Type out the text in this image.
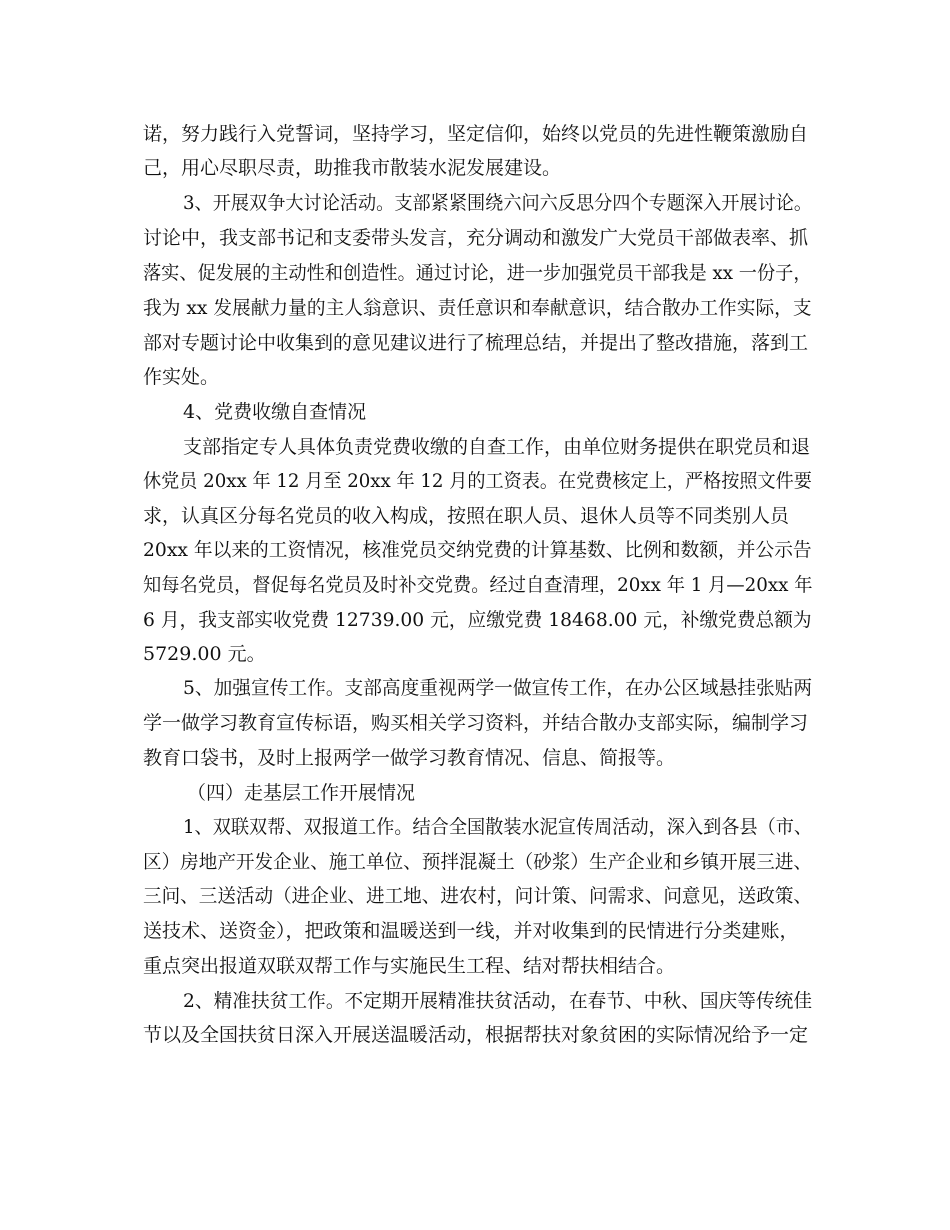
诺，努力践行入党誓词，坚持学习，坚定信仰，始终以党员的先进性鞭策激励自
己，用心尽职尽责，助推我市散装水泥发展建设。
3、开展双争大讨论活动。支部紧紧围绕六问六反思分四个专题深入开展讨论。
讨论中，我支部书记和支委带头发言，充分调动和激发广大党员干部做表率、抓
落实、促发展的主动性和创造性。通过讨论，进一步加强党员干部我是 xx 一份子，
我为 xx 发展献力量的主人翁意识、责任意识和奉献意识，结合散办工作实际，支
部对专题讨论中收集到的意见建议进行了梳理总结，并提出了整改措施，落到工
作实处。
4、党费收缴自查情况
支部指定专人具体负责党费收缴的自查工作，由单位财务提供在职党员和退
休党员 20xx 年 12 月至 20xx 年 12 月的工资表。在党费核定上，严格按照文件要
求，认真区分每名党员的收入构成，按照在职人员、退休人员等不同类别人员
20xx 年以来的工资情况，核准党员交纳党费的计算基数、比例和数额，并公示告
知每名党员，督促每名党员及时补交党费。经过自查清理，20xx 年 1 月—20xx 年
6 月，我支部实收党费 12739.00 元，应缴党费 18468.00 元，补缴党费总额为
5729.00 元。
5、加强宣传工作。支部高度重视两学一做宣传工作，在办公区域悬挂张贴两
学一做学习教育宣传标语，购买相关学习资料，并结合散办支部实际，编制学习
教育口袋书，及时上报两学一做学习教育情况、信息、简报等。
（四）走基层工作开展情况
1、双联双帮、双报道工作。结合全国散装水泥宣传周活动，深入到各县（市、
区）房地产开发企业、施工单位、预拌混凝土（砂浆）生产企业和乡镇开展三进、
三问、三送活动（进企业、进工地、进农村，问计策、问需求、问意见，送政策、
送技术、送资金），把政策和温暖送到一线，并对收集到的民情进行分类建账，
重点突出报道双联双帮工作与实施民生工程、结对帮扶相结合。
2、精准扶贫工作。不定期开展精准扶贫活动，在春节、中秋、国庆等传统佳
节以及全国扶贫日深入开展送温暖活动，根据帮扶对象贫困的实际情况给予一定
